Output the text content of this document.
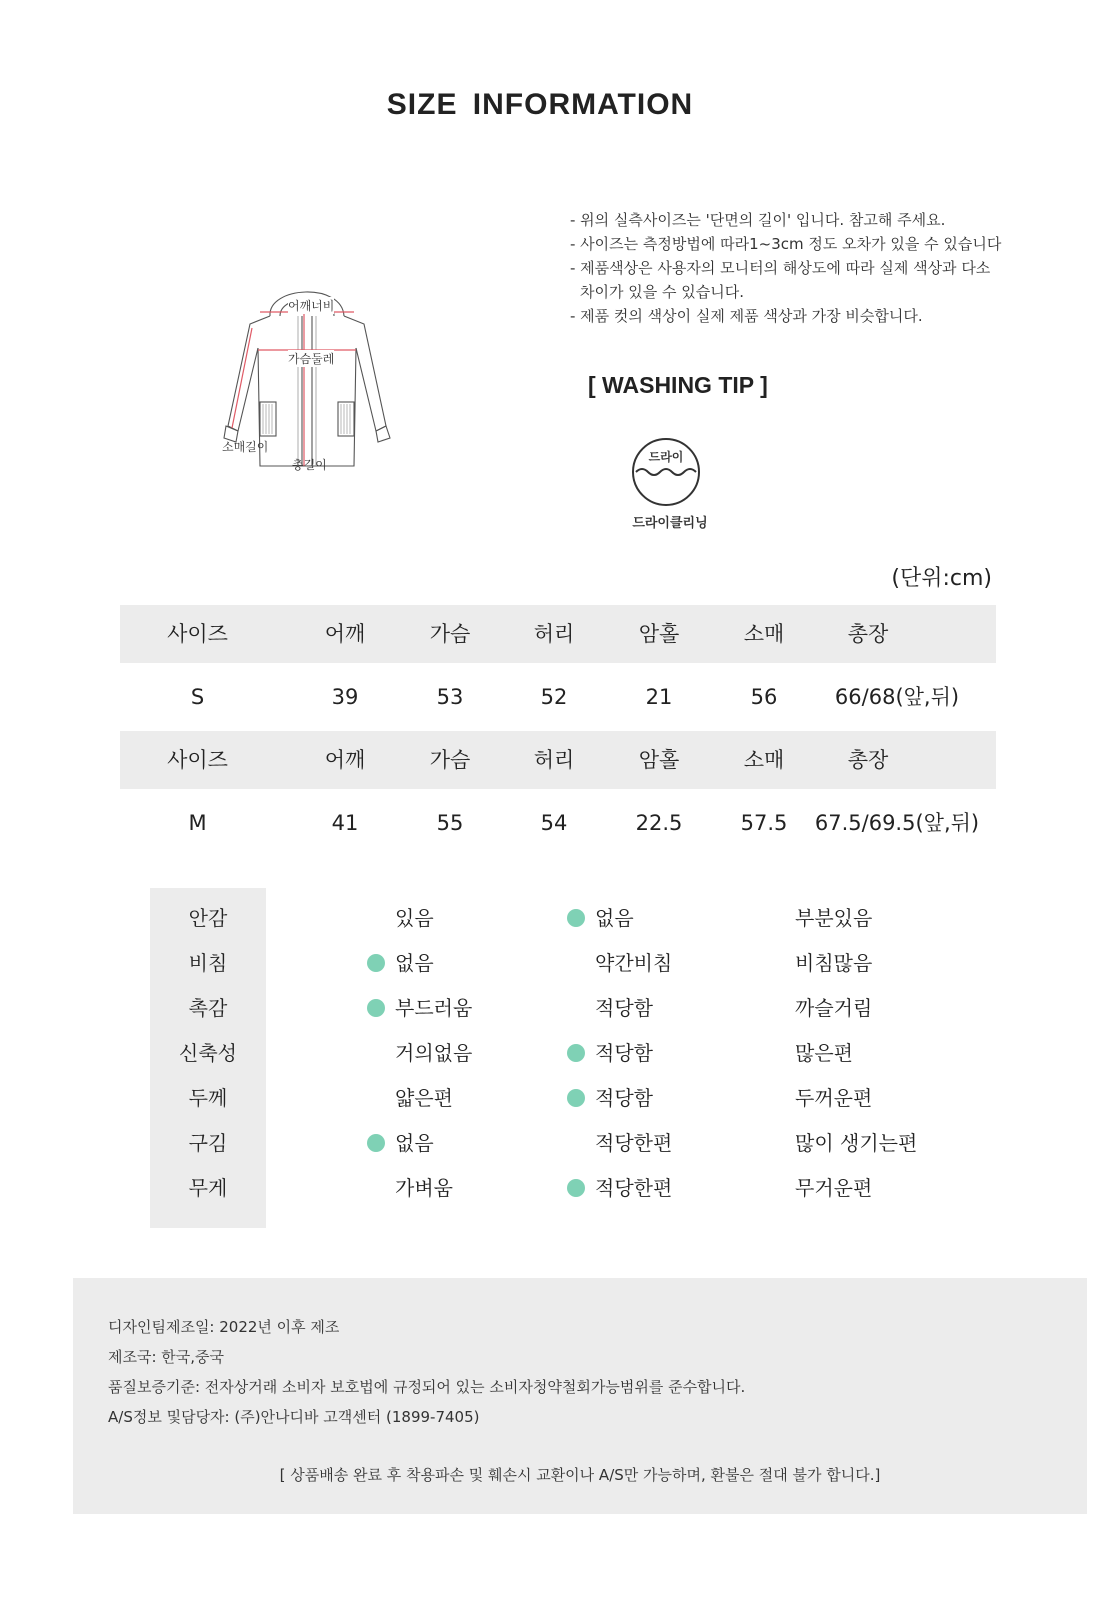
SIZE INFORMATION
어깨너비
가슴둘레
소매길이
총길이
- 위의 실측사이즈는 '단면의 길이' 입니다. 참고해 주세요.
- 사이즈는 측정방법에 따라1~3cm 정도 오차가 있을 수 있습니다
- 제품색상은 사용자의 모니터의 해상도에 따라 실제 색상과 다소
차이가 있을 수 있습니다.
- 제품 컷의 색상이 실제 제품 색상과 가장 비슷합니다.
[ WASHING TIP ]
드라이
드라이클리닝
(단위:cm)
사이즈	어깨	가슴	허리	암홀	소매	총장
S	39	53	52	21	56	66/68(앞,뒤)
사이즈	어깨	가슴	허리	암홀	소매	총장
M	41	55	54	22.5	57.5	67.5/69.5(앞,뒤)
안감	있음	없음	부분있음
비침	없음	약간비침	비침많음
촉감	부드러움	적당함	까슬거림
신축성	거의없음	적당함	많은편
두께	얇은편	적당함	두꺼운편
구김	없음	적당한편	많이 생기는편
무게	가벼움	적당한편	무거운편
디자인팀제조일: 2022년 이후 제조
제조국: 한국,중국
품질보증기준: 전자상거래 소비자 보호법에 규정되어 있는 소비자청약철회가능범위를 준수합니다.
A/S정보 및담당자: (주)안나디바 고객센터 (1899-7405)
[ 상품배송 완료 후 착용파손 및 훼손시 교환이나 A/S만 가능하며, 환불은 절대 불가 합니다.]
